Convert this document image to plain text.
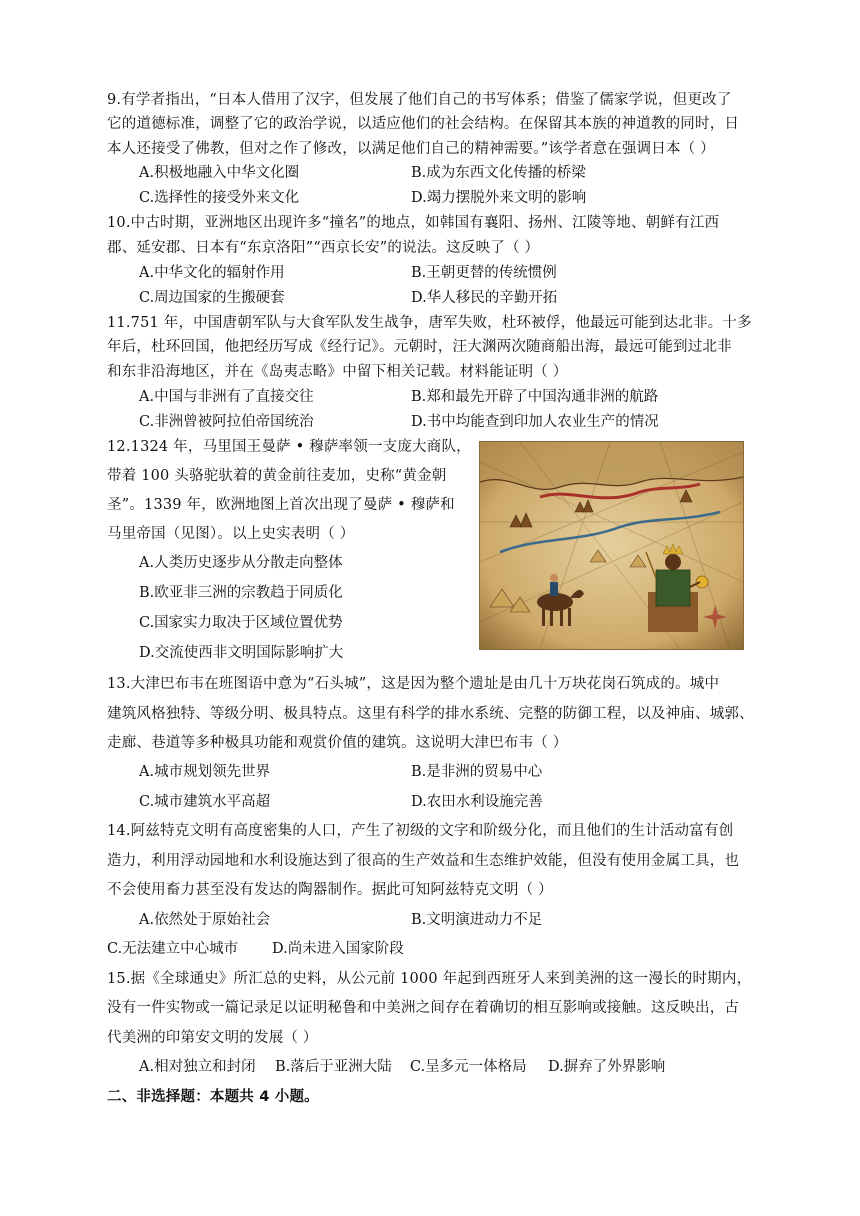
9.有学者指出，“日本人借用了汉字，但发展了他们自己的书写体系；借鉴了儒家学说，但更改了
它的道德标准，调整了它的政治学说，以适应他们的社会结构。在保留其本族的神道教的同时，日
本人还接受了佛教，但对之作了修改，以满足他们自己的精神需要。”该学者意在强调日本（ ）
A.积极地融入中华文化圈	B.成为东西文化传播的桥梁
C.选择性的接受外来文化	D.竭力摆脱外来文明的影响
10.中古时期，亚洲地区出现许多“撞名”的地点，如韩国有襄阳、扬州、江陵等地、朝鲜有江西
郡、延安郡、日本有“东京洛阳”“西京长安”的说法。这反映了（ ）
A.中华文化的辐射作用	B.王朝更替的传统惯例
C.周边国家的生搬硬套	D.华人移民的辛勤开拓
11.751 年，中国唐朝军队与大食军队发生战争，唐军失败，杜环被俘，他最远可能到达北非。十多
年后，杜环回国，他把经历写成《经行记》。元朝时，汪大渊两次随商船出海，最远可能到过北非
和东非沿海地区，并在《岛夷志略》中留下相关记载。材料能证明（ ）
A.中国与非洲有了直接交往	B.郑和最先开辟了中国沟通非洲的航路
C.非洲曾被阿拉伯帝国统治	D.书中均能查到印加人农业生产的情况
12.1324 年，马里国王曼萨 • 穆萨率领一支庞大商队，
带着 100 头骆驼驮着的黄金前往麦加，史称“黄金朝
圣”。1339 年，欧洲地图上首次出现了曼萨 • 穆萨和
马里帝国（见图）。以上史实表明（ ）
A.人类历史逐步从分散走向整体
B.欧亚非三洲的宗教趋于同质化
C.国家实力取决于区域位置优势
D.交流使西非文明国际影响扩大
13.大津巴布韦在班图语中意为“石头城”，这是因为整个遗址是由几十万块花岗石筑成的。城中
建筑风格独特、等级分明、极具特点。这里有科学的排水系统、完整的防御工程，以及神庙、城郭、
走廊、巷道等多种极具功能和观赏价值的建筑。这说明大津巴布韦（ ）
A.城市规划领先世界	B.是非洲的贸易中心
C.城市建筑水平高超	D.农田水利设施完善
14.阿兹特克文明有高度密集的人口，产生了初级的文字和阶级分化，而且他们的生计活动富有创
造力，利用浮动园地和水利设施达到了很高的生产效益和生态维护效能，但没有使用金属工具，也
不会使用畜力甚至没有发达的陶器制作。据此可知阿兹特克文明（ ）
A.依然处于原始社会	B.文明演进动力不足
C.无法建立中心城市 D.尚未进入国家阶段
15.据《全球通史》所汇总的史料，从公元前 1000 年起到西班牙人来到美洲的这一漫长的时期内，
没有一件实物或一篇记录足以证明秘鲁和中美洲之间存在着确切的相互影响或接触。这反映出，古
代美洲的印第安文明的发展（ ）
A.相对独立和封闭 B.落后于亚洲大陆 C.呈多元一体格局 D.摒弃了外界影响
二、非选择题：本题共 4 小题。
